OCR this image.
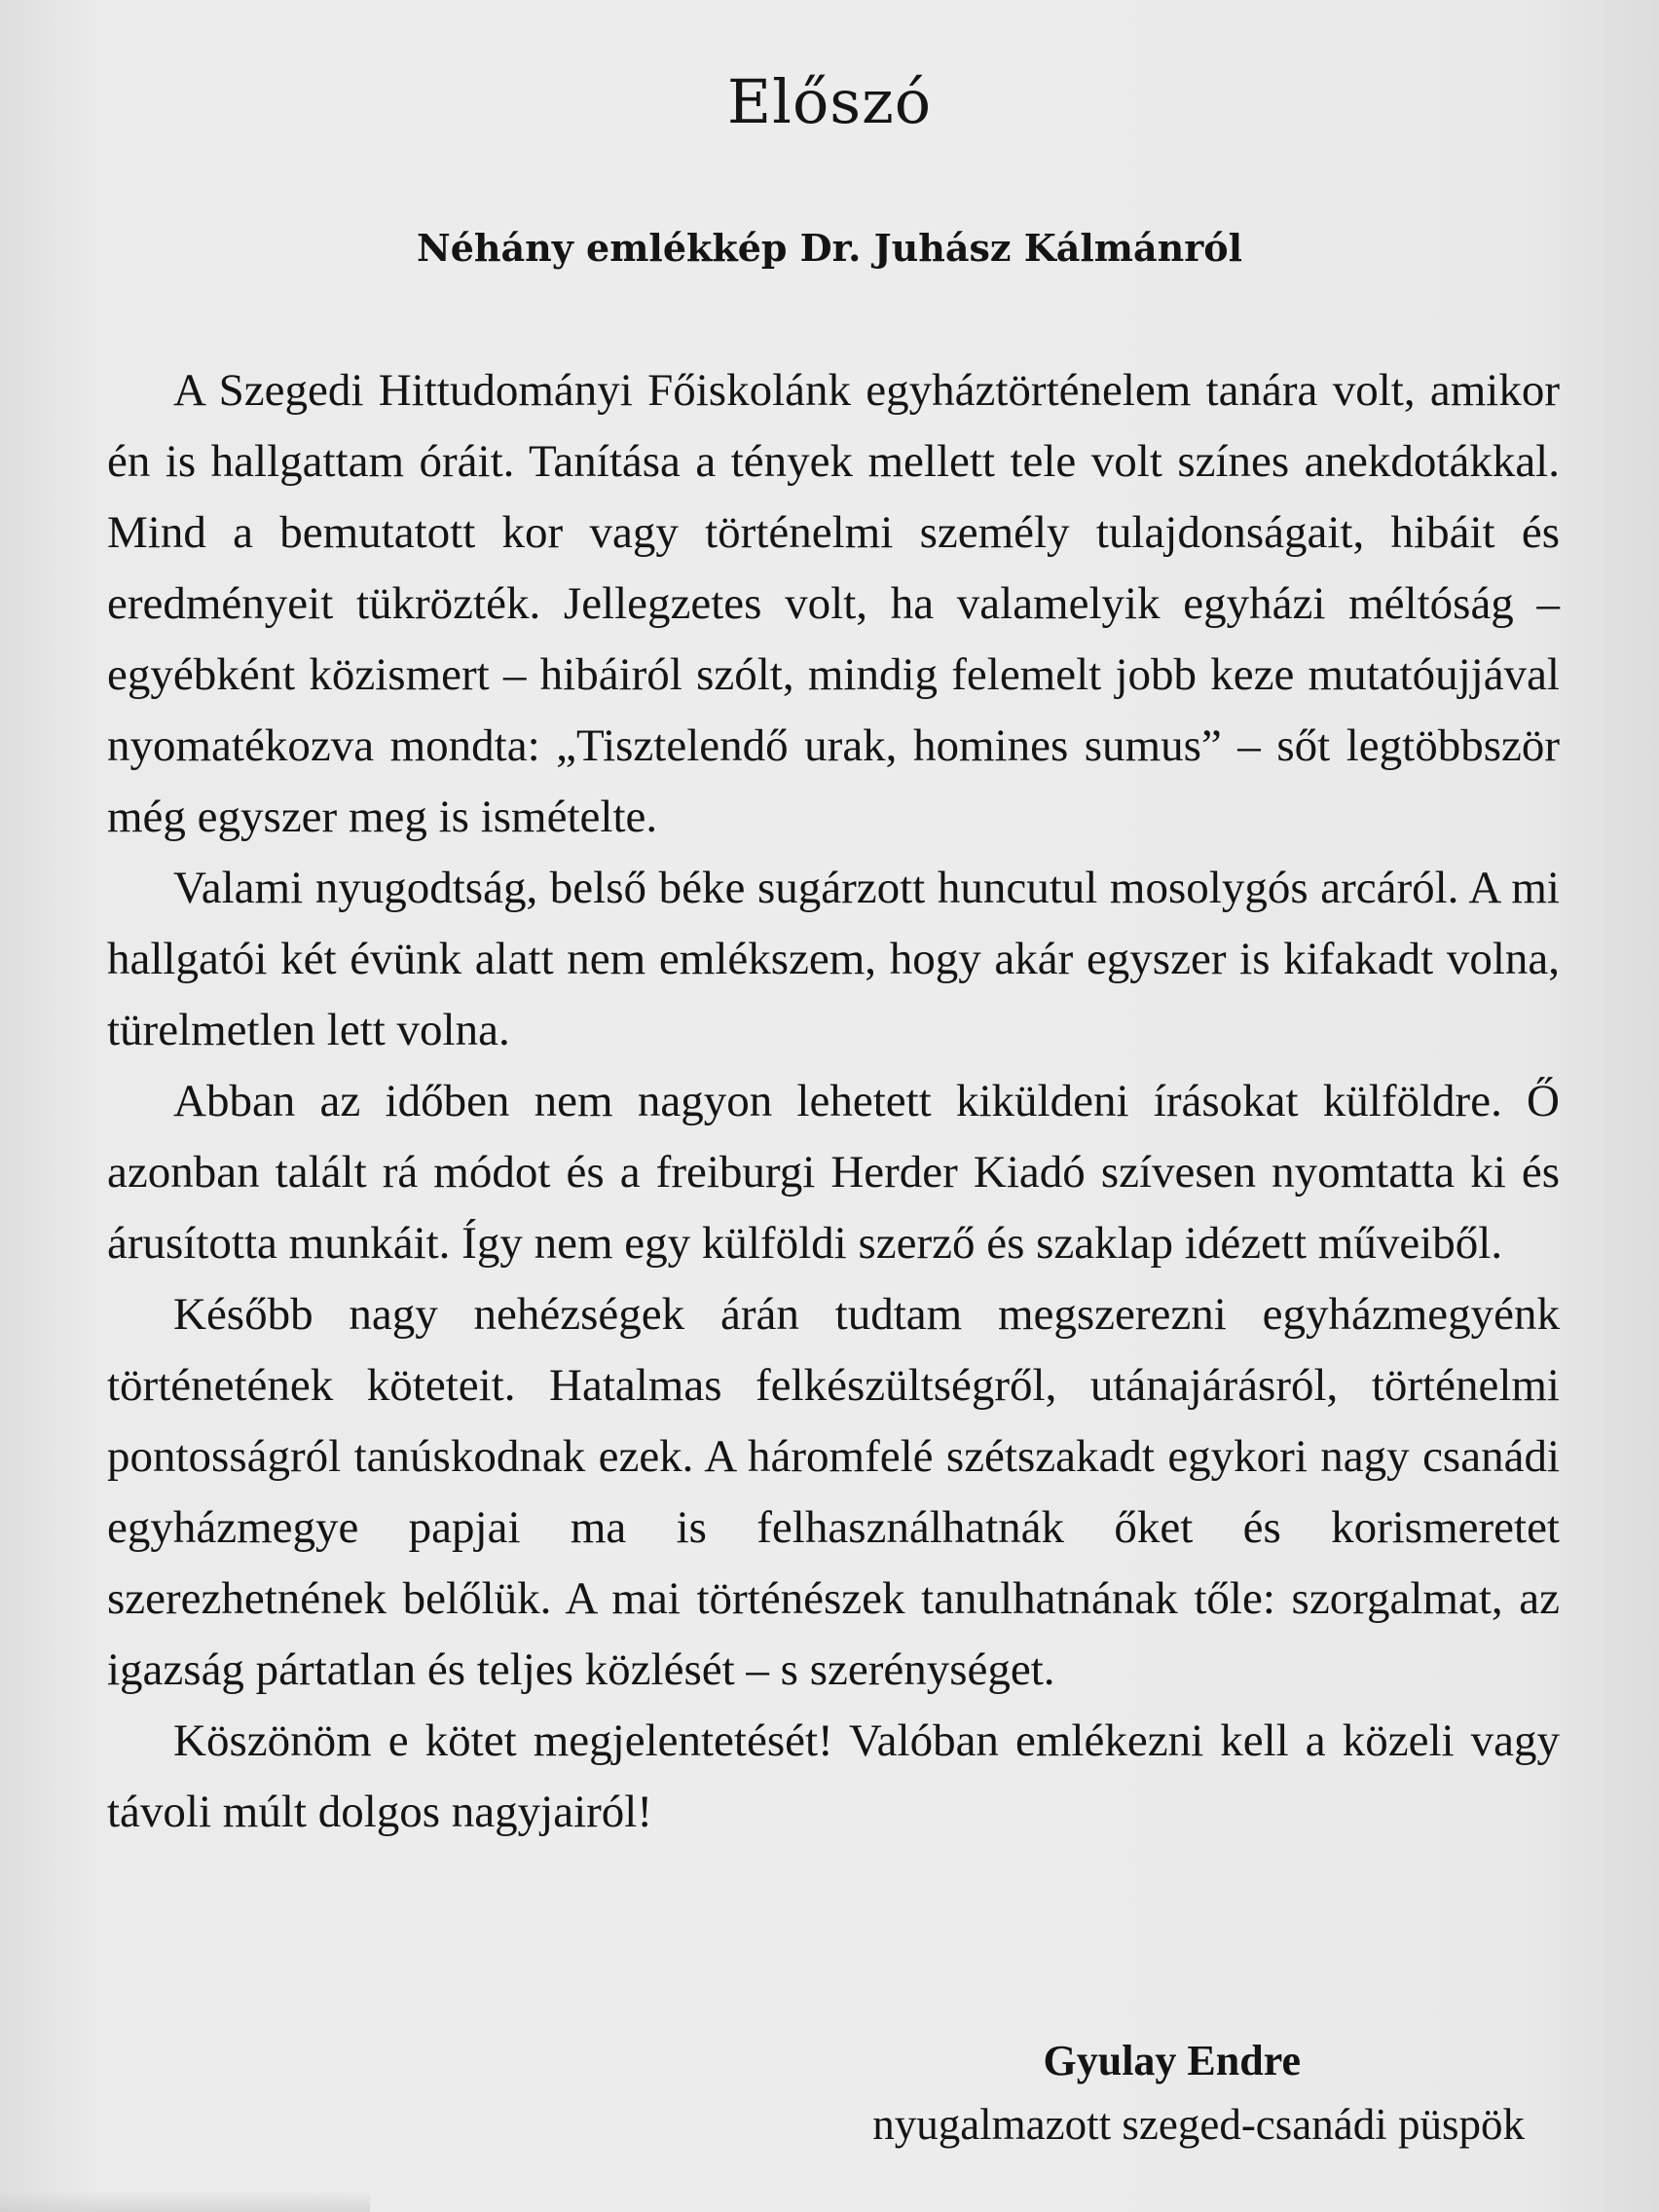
Előszó
Néhány emlékkép Dr. Juhász Kálmánról

A Szegedi Hittudományi Főiskolánk egyháztörténelem tanára volt, amikor én is hallgattam óráit. Tanítása a tények mellett tele volt színes anekdotákkal. Mind a bemutatott kor vagy történelmi személy tulajdonságait, hibáit és eredményeit tükrözték. Jellegzetes volt, ha valamelyik egyházi méltóság – egyébként közismert – hibáiról szólt, mindig felemelt jobb keze mutatóujjával nyomatékozva mondta: „Tisztelendő urak, homines sumus” – sőt legtöbbször még egyszer meg is ismételte.

Valami nyugodtság, belső béke sugárzott huncutul mosolygós arcáról. A mi hallgatói két évünk alatt nem emlékszem, hogy akár egyszer is kifakadt volna, türelmetlen lett volna.

Abban az időben nem nagyon lehetett kiküldeni írásokat külföldre. Ő azonban talált rá módot és a freiburgi Herder Kiadó szívesen nyomtatta ki és árusította munkáit. Így nem egy külföldi szerző és szaklap idézett műveiből.

Később nagy nehézségek árán tudtam megszerezni egyházmegyénk történetének köteteit. Hatalmas felkészültségről, utánajárásról, történelmi pontosságról tanúskodnak ezek. A háromfelé szétszakadt egykori nagy csanádi egyházmegye papjai ma is felhasználhatnák őket és korismeretet szerezhetnének belőlük. A mai történészek tanulhatnának tőle: szorgalmat, az igazság pártatlan és teljes közlését – s szerénységet.

Köszönöm e kötet megjelentetését! Valóban emlékezni kell a közeli vagy távoli múlt dolgos nagyjairól!

Gyulay Endre
nyugalmazott szeged-csanádi püspök
